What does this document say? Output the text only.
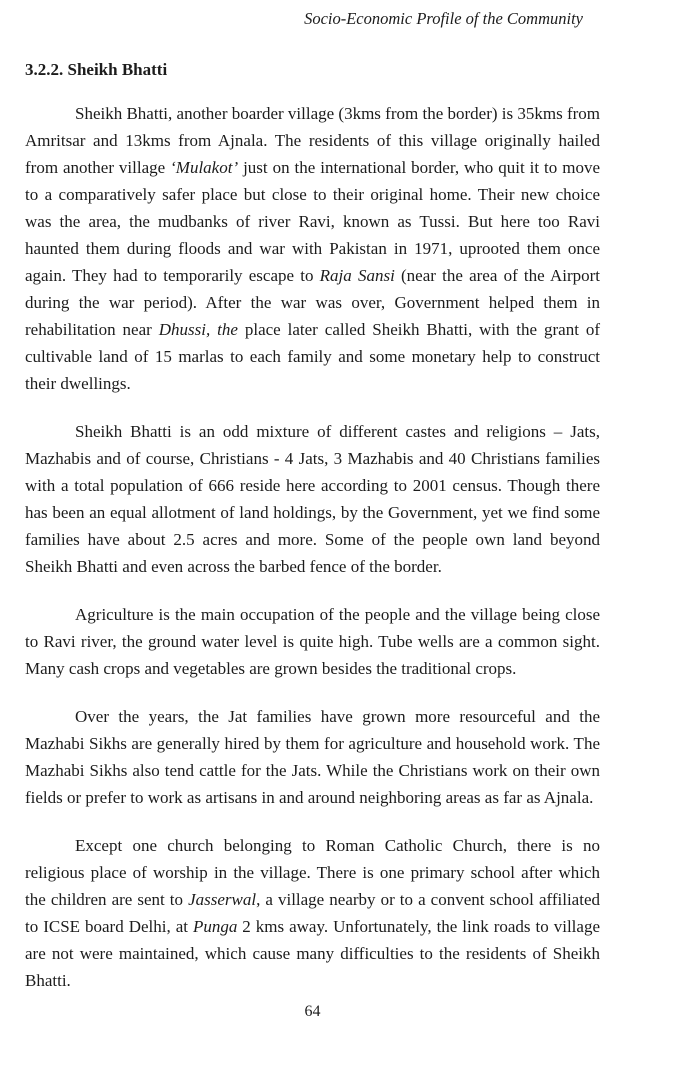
Socio-Economic Profile of the Community
3.2.2. Sheikh Bhatti

Sheikh Bhatti, another boarder village (3kms from the border) is 35kms from Amritsar and 13kms from Ajnala. The residents of this village originally hailed from another village ‘Mulakot’ just on the international border, who quit it to move to a comparatively safer place but close to their original home. Their new choice was the area, the mudbanks of river Ravi, known as Tussi. But here too Ravi haunted them during floods and war with Pakistan in 1971, uprooted them once again. They had to temporarily escape to Raja Sansi (near the area of the Airport during the war period). After the war was over, Government helped them in rehabilitation near Dhussi, the place later called Sheikh Bhatti, with the grant of cultivable land of 15 marlas to each family and some monetary help to construct their dwellings.

Sheikh Bhatti is an odd mixture of different castes and religions – Jats, Mazhabis and of course, Christians - 4 Jats, 3 Mazhabis and 40 Christians families with a total population of 666 reside here according to 2001 census. Though there has been an equal allotment of land holdings, by the Government, yet we find some families have about 2.5 acres and more. Some of the people own land beyond Sheikh Bhatti and even across the barbed fence of the border.

Agriculture is the main occupation of the people and the village being close to Ravi river, the ground water level is quite high. Tube wells are a common sight. Many cash crops and vegetables are grown besides the traditional crops.

Over the years, the Jat families have grown more resourceful and the Mazhabi Sikhs are generally hired by them for agriculture and household work. The Mazhabi Sikhs also tend cattle for the Jats. While the Christians work on their own fields or prefer to work as artisans in and around neighboring areas as far as Ajnala.

Except one church belonging to Roman Catholic Church, there is no religious place of worship in the village. There is one primary school after which the children are sent to Jasserwal, a village nearby or to a convent school affiliated to ICSE board Delhi, at Punga 2 kms away. Unfortunately, the link roads to village are not were maintained, which cause many difficulties to the residents of Sheikh Bhatti.

64
